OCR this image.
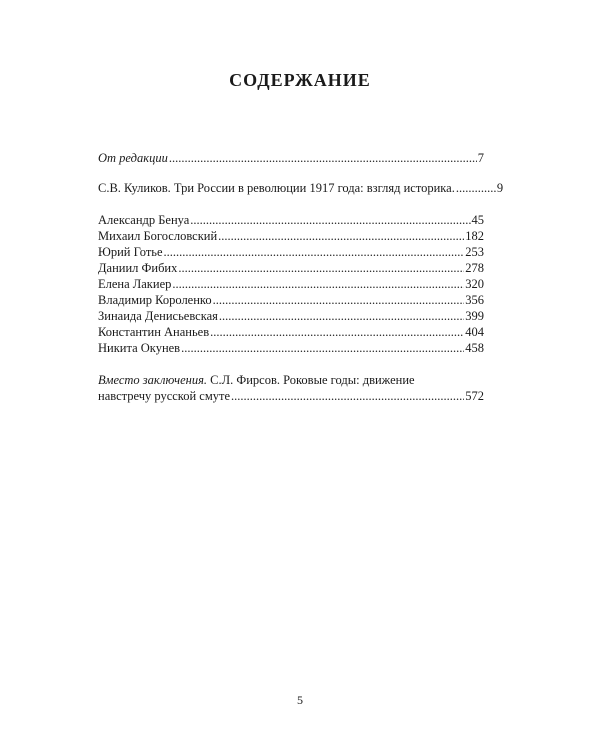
СОДЕРЖАНИЕ
От редакции .....	7
С.В. Куликов. Три России в революции 1917 года: взгляд историка. .....	9
Александр Бенуа .....	45
Михаил Богословский .....	182
Юрий Готье .....	253
Даниил Фибих .....	278
Елена Лакиер .....	320
Владимир Короленко .....	356
Зинаида Денисьевская .....	399
Константин Ананьев .....	404
Никита Окунев .....	458
Вместо заключения. С.Л. Фирсов. Роковые годы: движение
навстречу русской смуте .....	572
5
